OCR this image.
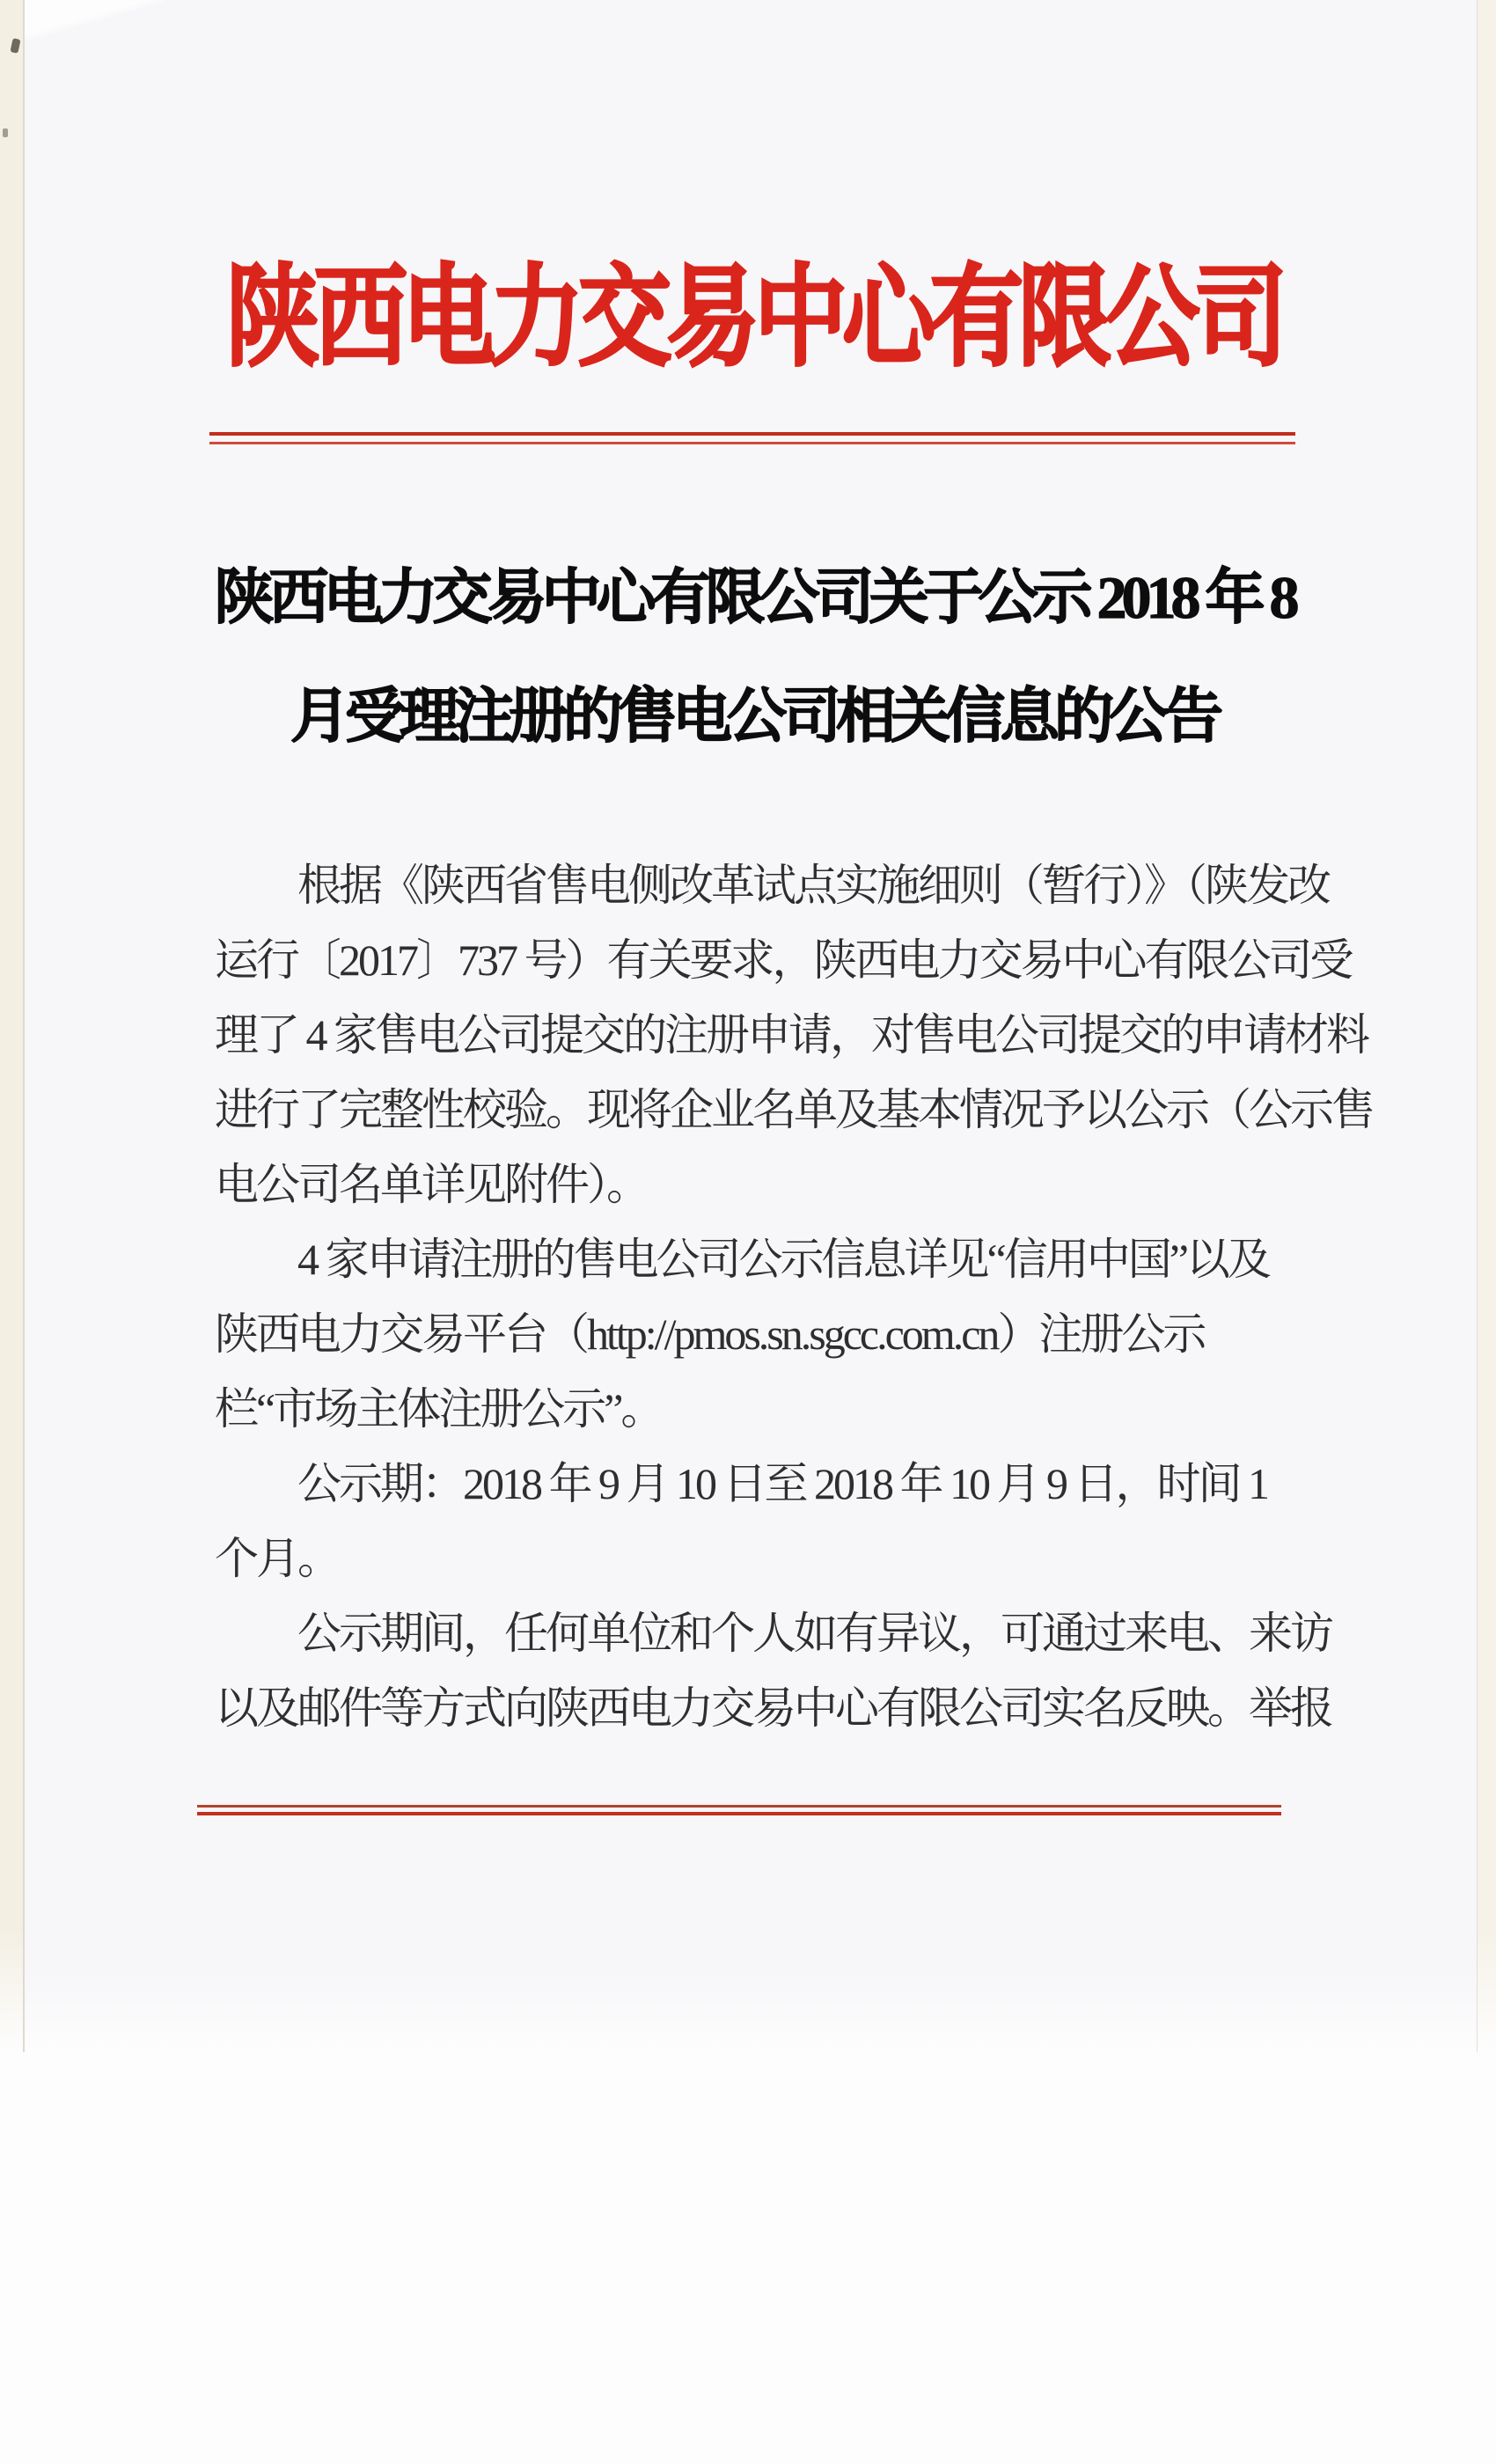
陕西电力交易中心有限公司
陕西电力交易中心有限公司关于公示 2018 年 8
月受理注册的售电公司相关信息的公告
根据《陕西省售电侧改革试点实施细则（暂行）》（陕发改
运行〔2017〕737 号）有关要求，陕西电力交易中心有限公司受
理了 4 家售电公司提交的注册申请，对售电公司提交的申请材料
进行了完整性校验。现将企业名单及基本情况予以公示（公示售
电公司名单详见附件）。
4 家申请注册的售电公司公示信息详见“信用中国”以及
陕西电力交易平台（http://pmos.sn.sgcc.com.cn）注册公示
栏“市场主体注册公示”。
公示期：2018 年 9 月 10 日至 2018 年 10 月 9 日，时间 1
个月。
公示期间，任何单位和个人如有异议，可通过来电、来访
以及邮件等方式向陕西电力交易中心有限公司实名反映。举报
